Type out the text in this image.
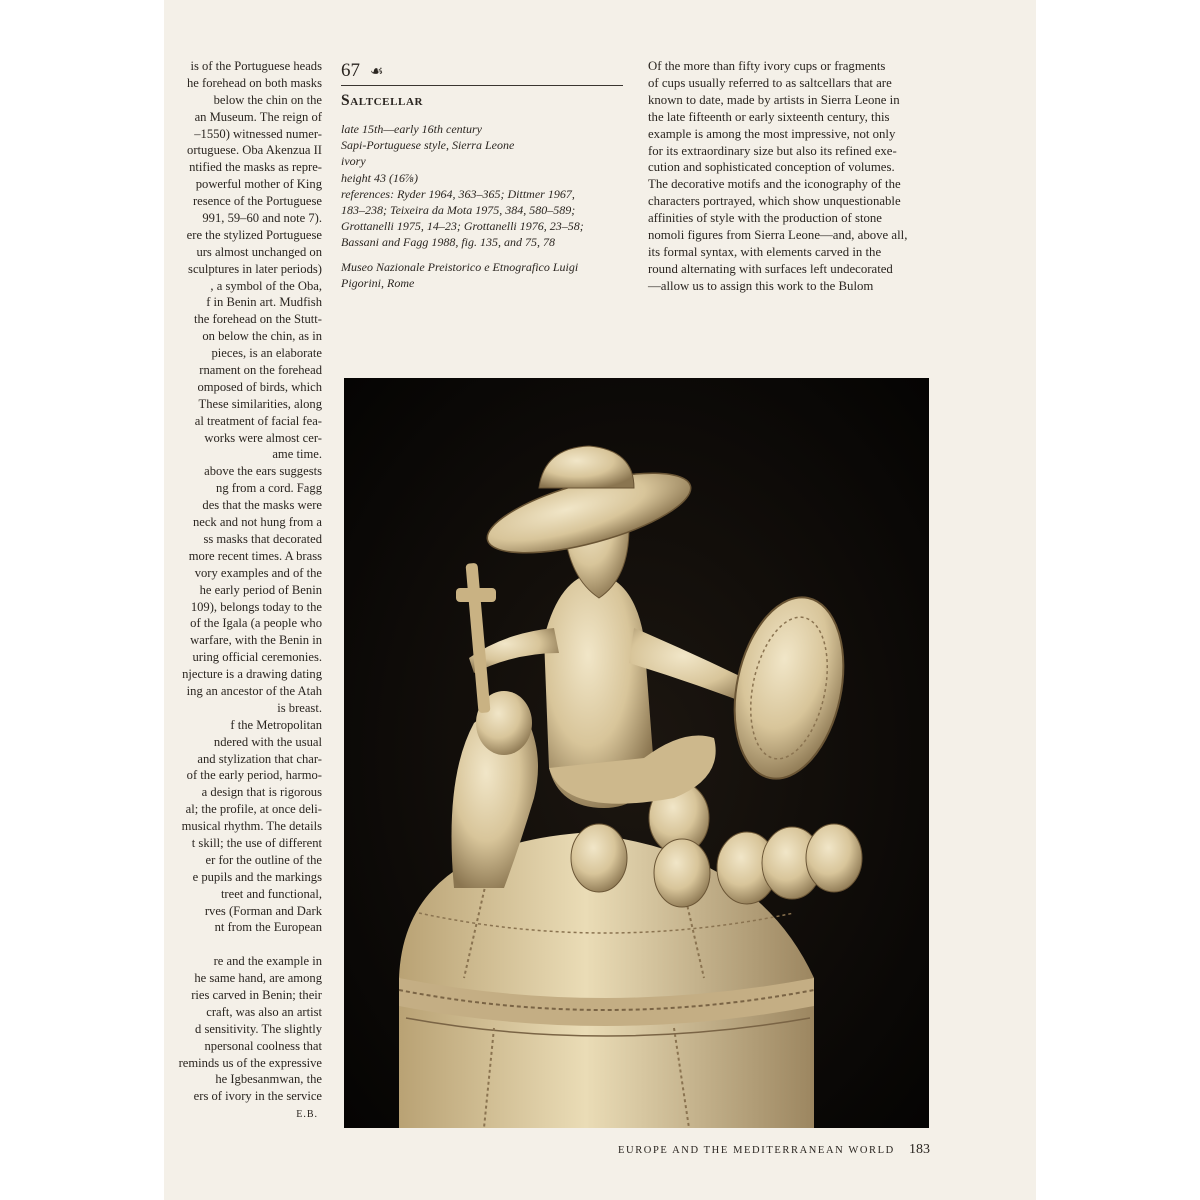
is of the Portuguese heads
he forehead on both masks
below the chin on the
an Museum. The reign of
–1550) witnessed numer-
ortuguese. Oba Akenzua II
ntified the masks as repre-
powerful mother of King
resence of the Portuguese
991, 59–60 and note 7).
ere the stylized Portuguese
urs almost unchanged on
sculptures in later periods)
, a symbol of the Oba,
f in Benin art. Mudfish
the forehead on the Stutt-
on below the chin, as in
pieces, is an elaborate
rnament on the forehead
omposed of birds, which
These similarities, along
al treatment of facial fea-
works were almost cer-
ame time.
above the ears suggests
ng from a cord. Fagg
des that the masks were
neck and not hung from a
ss masks that decorated
more recent times. A brass
vory examples and of the
he early period of Benin
109), belongs today to the
of the Igala (a people who
warfare, with the Benin in
uring official ceremonies.
njecture is a drawing dating
ing an ancestor of the Atah
is breast.
f the Metropolitan
ndered with the usual
and stylization that char-
of the early period, harmo-
a design that is rigorous
al; the profile, at once deli-
musical rhythm. The details
t skill; the use of different
er for the outline of the
e pupils and the markings
treet and functional,
rves (Forman and Dark
nt from the European
re and the example in
he same hand, are among
ries carved in Benin; their
craft, was also an artist
d sensitivity. The slightly
npersonal coolness that
reminds us of the expressive
he Igbesanmwan, the
ers of ivory in the service
E.B.
67 ☙
Saltcellar
late 15th—early 16th century
Sapi-Portuguese style, Sierra Leone
ivory
height 43 (16⅞)
references: Ryder 1964, 363–365; Dittmer 1967,
183–238; Teixeira da Mota 1975, 384, 580–589;
Grottanelli 1975, 14–23; Grottanelli 1976, 23–58;
Bassani and Fagg 1988, fig. 135, and 75, 78
Museo Nazionale Preistorico e Etnografico Luigi
Pigorini, Rome
Of the more than fifty ivory cups or fragments
of cups usually referred to as saltcellars that are
known to date, made by artists in Sierra Leone in
the late fifteenth or early sixteenth century, this
example is among the most impressive, not only
for its extraordinary size but also its refined exe-
cution and sophisticated conception of volumes.
The decorative motifs and the iconography of the
characters portrayed, which show unquestionable
affinities of style with the production of stone
nomoli figures from Sierra Leone—and, above all,
its formal syntax, with elements carved in the
round alternating with surfaces left undecorated
—allow us to assign this work to the Bulom
EUROPE AND THE MEDITERRANEAN WORLD 183
